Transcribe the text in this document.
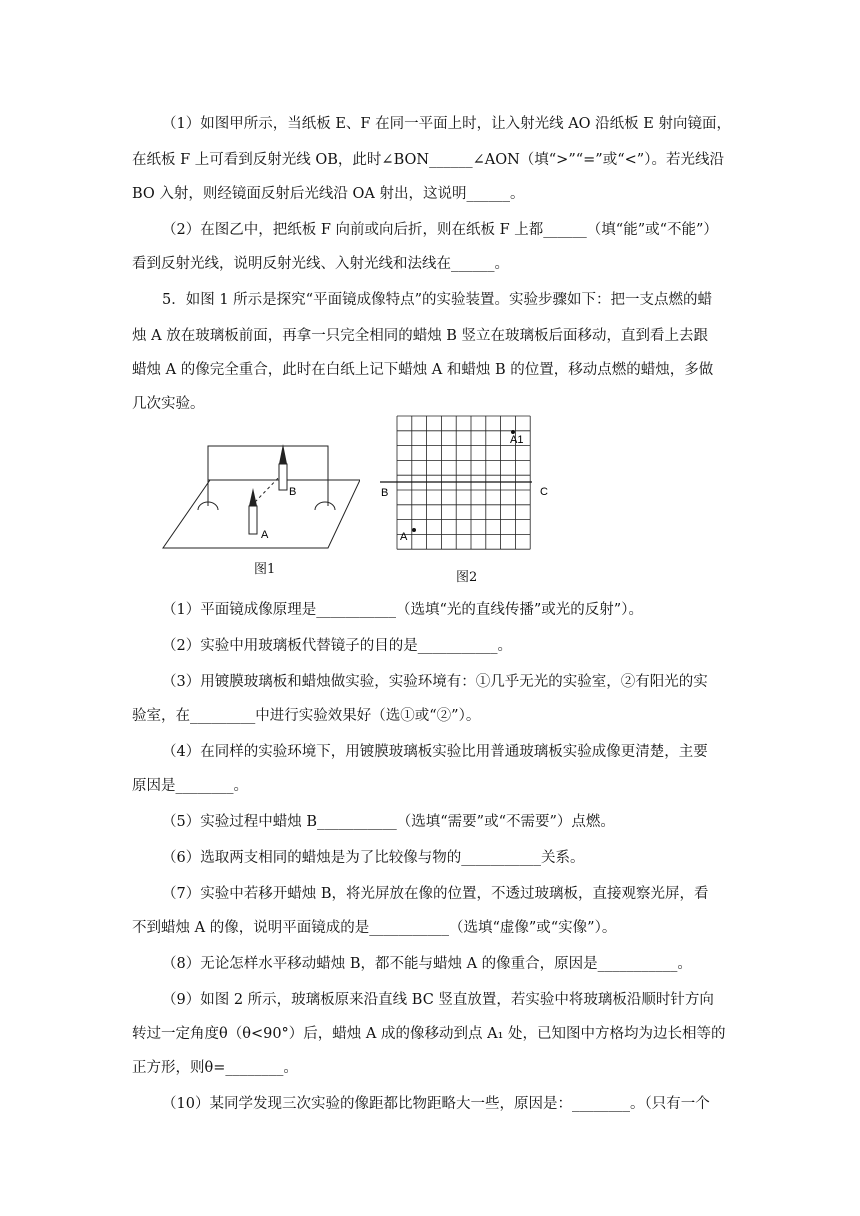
（1）如图甲所示，当纸板 E、F 在同一平面上时，让入射光线 AO 沿纸板 E 射向镜面，
在纸板 F 上可看到反射光线 OB，此时∠BON______∠AON（填“>”“=”或“<”）。若光线沿
BO 入射，则经镜面反射后光线沿 OA 射出，这说明______。
（2）在图乙中，把纸板 F 向前或向后折，则在纸板 F 上都______（填“能”或“不能”）
看到反射光线，说明反射光线、入射光线和法线在______。
5．如图 1 所示是探究“平面镜成像特点”的实验装置。实验步骤如下：把一支点燃的蜡
烛 A 放在玻璃板前面，再拿一只完全相同的蜡烛 B 竖立在玻璃板后面移动，直到看上去跟
蜡烛 A 的像完全重合，此时在白纸上记下蜡烛 A 和蜡烛 B 的位置，移动点燃的蜡烛，多做
几次实验。
B
A
图1
A1
B	C
A
图2
（1）平面镜成像原理是___________（选填“光的直线传播”或光的反射”）。
（2）实验中用玻璃板代替镜子的目的是___________。
（3）用镀膜玻璃板和蜡烛做实验，实验环境有：①几乎无光的实验室，②有阳光的实
验室，在_________中进行实验效果好（选①或“②”）。
（4）在同样的实验环境下，用镀膜玻璃板实验比用普通玻璃板实验成像更清楚，主要
原因是________。
（5）实验过程中蜡烛 B___________（选填“需要”或“不需要”）点燃。
（6）选取两支相同的蜡烛是为了比较像与物的___________关系。
（7）实验中若移开蜡烛 B，将光屏放在像的位置，不透过玻璃板，直接观察光屏，看
不到蜡烛 A 的像，说明平面镜成的是___________（选填“虚像”或“实像”）。
（8）无论怎样水平移动蜡烛 B，都不能与蜡烛 A 的像重合，原因是___________。
（9）如图 2 所示，玻璃板原来沿直线 BC 竖直放置，若实验中将玻璃板沿顺时针方向
转过一定角度θ（θ<90°）后，蜡烛 A 成的像移动到点 A₁ 处，已知图中方格均为边长相等的
正方形，则θ=________。
（10）某同学发现三次实验的像距都比物距略大一些，原因是：________。（只有一个
